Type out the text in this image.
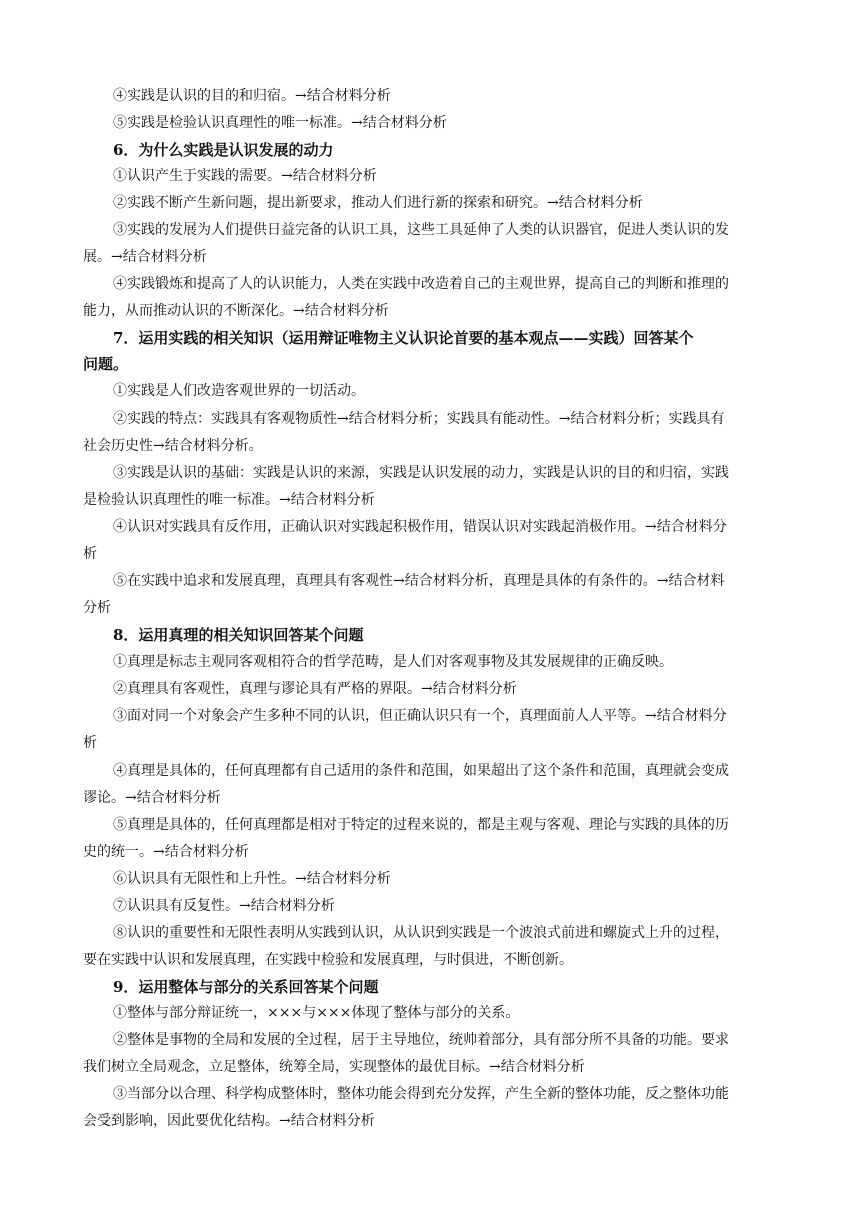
④实践是认识的目的和归宿。→结合材料分析
⑤实践是检验认识真理性的唯一标准。→结合材料分析
6．为什么实践是认识发展的动力
①认识产生于实践的需要。→结合材料分析
②实践不断产生新问题，提出新要求，推动人们进行新的探索和研究。→结合材料分析
③实践的发展为人们提供日益完备的认识工具，这些工具延伸了人类的认识器官，促进人类认识的发
展。→结合材料分析
④实践锻炼和提高了人的认识能力，人类在实践中改造着自己的主观世界，提高自己的判断和推理的
能力，从而推动认识的不断深化。→结合材料分析
7．运用实践的相关知识（运用辩证唯物主义认识论首要的基本观点——实践）回答某个
问题。
①实践是人们改造客观世界的一切活动。
②实践的特点：实践具有客观物质性→结合材料分析；实践具有能动性。→结合材料分析；实践具有
社会历史性→结合材料分析。
③实践是认识的基础：实践是认识的来源，实践是认识发展的动力，实践是认识的目的和归宿，实践
是检验认识真理性的唯一标准。→结合材料分析
④认识对实践具有反作用，正确认识对实践起积极作用，错误认识对实践起消极作用。→结合材料分
析
⑤在实践中追求和发展真理，真理具有客观性→结合材料分析，真理是具体的有条件的。→结合材料
分析
8．运用真理的相关知识回答某个问题
①真理是标志主观同客观相符合的哲学范畴，是人们对客观事物及其发展规律的正确反映。
②真理具有客观性，真理与谬论具有严格的界限。→结合材料分析
③面对同一个对象会产生多种不同的认识，但正确认识只有一个，真理面前人人平等。→结合材料分
析
④真理是具体的，任何真理都有自己适用的条件和范围，如果超出了这个条件和范围，真理就会变成
谬论。→结合材料分析
⑤真理是具体的，任何真理都是相对于特定的过程来说的，都是主观与客观、理论与实践的具体的历
史的统一。→结合材料分析
⑥认识具有无限性和上升性。→结合材料分析
⑦认识具有反复性。→结合材料分析
⑧认识的重要性和无限性表明从实践到认识，从认识到实践是一个波浪式前进和螺旋式上升的过程，
要在实践中认识和发展真理，在实践中检验和发展真理，与时俱进，不断创新。
9．运用整体与部分的关系回答某个问题
①整体与部分辩证统一，×××与×××体现了整体与部分的关系。
②整体是事物的全局和发展的全过程，居于主导地位，统帅着部分，具有部分所不具备的功能。要求
我们树立全局观念，立足整体，统筹全局，实现整体的最优目标。→结合材料分析
③当部分以合理、科学构成整体时，整体功能会得到充分发挥，产生全新的整体功能，反之整体功能
会受到影响，因此要优化结构。→结合材料分析
